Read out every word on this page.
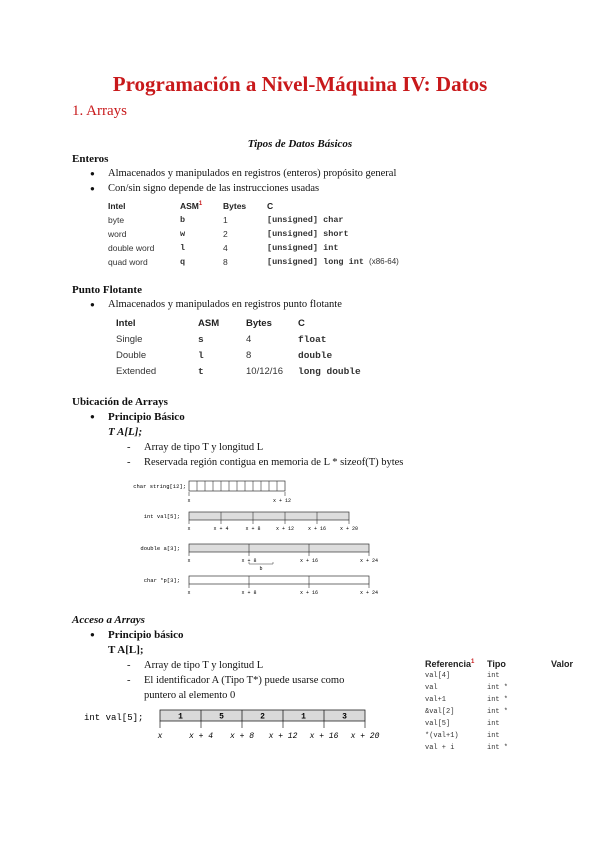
Programación a Nivel-Máquina IV: Datos
1. Arrays
Tipos de Datos Básicos
Enteros
● Almacenados y manipulados en registros (enteros) propósito general
● Con/sin signo depende de las instrucciones usadas
Intel	ASM$^1$	Bytes	C
byte	b	1	[unsigned] char
word	w	2	[unsigned] short
double word	l	4	[unsigned] int
quad word	q	8	[unsigned] long int (x86-64)
Punto Flotante
● Almacenados y manipulados en registros punto flotante
Intel	ASM	Bytes	C
Single	s	4	float
Double	l	8	double
Extended	t	10/12/16	long double
Ubicación de Arrays
● Principio Básico
T A[L];
- Array de tipo T y longitud L
- Reservada región contigua en memoria de L * sizeof(T) bytes
char string[12];
x	x + 12
int val[5];
x	x + 4	x + 8	x + 12	x + 16	x + 20
double a[3];
x	x + 8	x + 16	x + 24
b
char *p[3];
x	x + 8	x + 16	x + 24
Acceso a Arrays
● Principio básico
T A[L];
- Array de tipo T y longitud L
- El identificador A (Tipo T*) puede usarse como
puntero al elemento 0
int val[5];	1	5	2	1	3
x	x + 4 x + 8 x + 12 x + 16 x + 20
Referencia$^1$	Tipo	Valor
val[4]	int	
val	int *	
val+1	int *	
&val[2]	int *	
val[5]	int	
*(val+1)	int	
val + i	int *	
